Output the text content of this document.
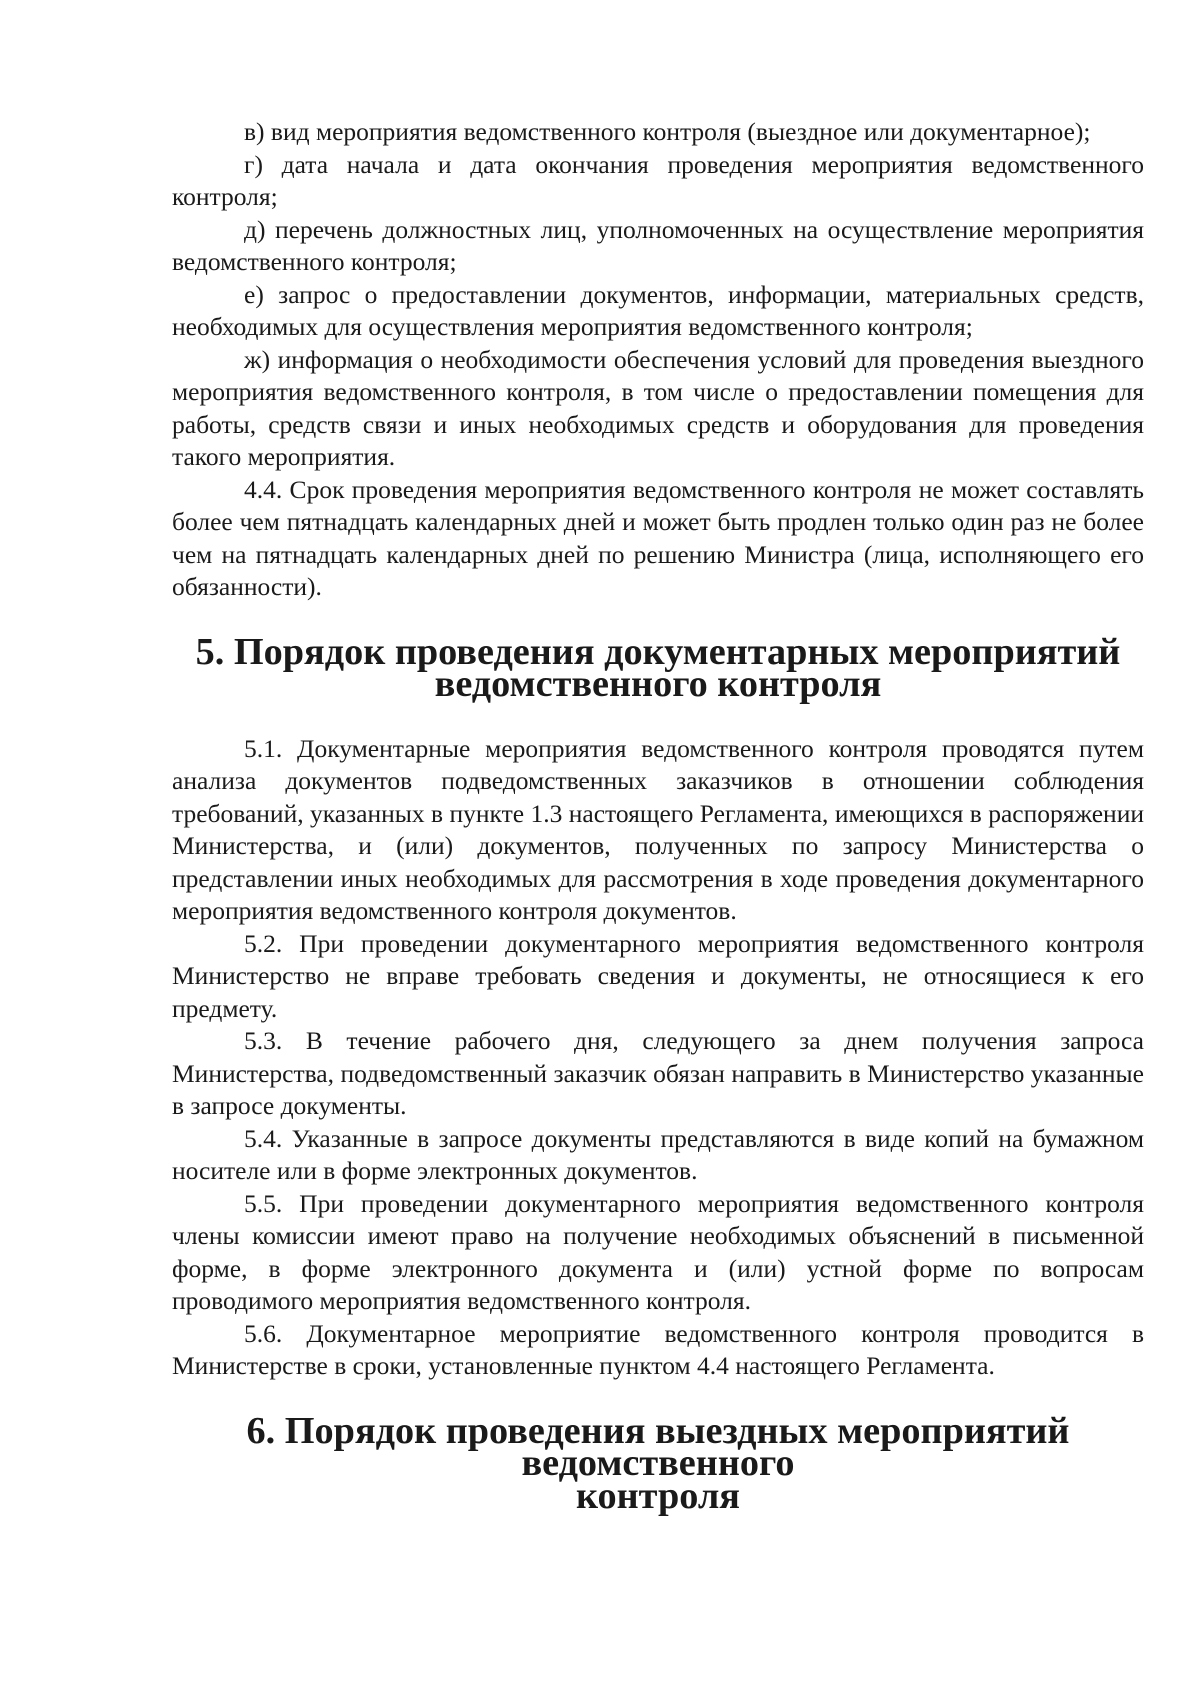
в) вид мероприятия ведомственного контроля (выездное или документарное);

г) дата начала и дата окончания проведения мероприятия ведомственного контроля;

д) перечень должностных лиц, уполномоченных на осуществление мероприятия ведомственного контроля;

е) запрос о предоставлении документов, информации, материальных средств, необходимых для осуществления мероприятия ведомственного контроля;

ж) информация о необходимости обеспечения условий для проведения выездного мероприятия ведомственного контроля, в том числе о предоставлении помещения для работы, средств связи и иных необходимых средств и оборудования для проведения такого мероприятия.

4.4. Срок проведения мероприятия ведомственного контроля не может составлять более чем пятнадцать календарных дней и может быть продлен только один раз не более чем на пятнадцать календарных дней по решению Министра (лица, исполняющего его обязанности).

5. Порядок проведения документарных мероприятий
ведомственного контроля

5.1. Документарные мероприятия ведомственного контроля проводятся путем анализа документов подведомственных заказчиков в отношении соблюдения требований, указанных в пункте 1.3 настоящего Регламента, имеющихся в распоряжении Министерства, и (или) документов, полученных по запросу Министерства о представлении иных необходимых для рассмотрения в ходе проведения документарного мероприятия ведомственного контроля документов.

5.2. При проведении документарного мероприятия ведомственного контроля Министерство не вправе требовать сведения и документы, не относящиеся к его предмету.

5.3. В течение рабочего дня, следующего за днем получения запроса Министерства, подведомственный заказчик обязан направить в Министерство указанные в запросе документы.

5.4. Указанные в запросе документы представляются в виде копий на бумажном носителе или в форме электронных документов.

5.5. При проведении документарного мероприятия ведомственного контроля члены комиссии имеют право на получение необходимых объяснений в письменной форме, в форме электронного документа и (или) устной форме по вопросам проводимого мероприятия ведомственного контроля.

5.6. Документарное мероприятие ведомственного контроля проводится в Министерстве в сроки, установленные пунктом 4.4 настоящего Регламента.

6. Порядок проведения выездных мероприятий ведомственного
контроля
